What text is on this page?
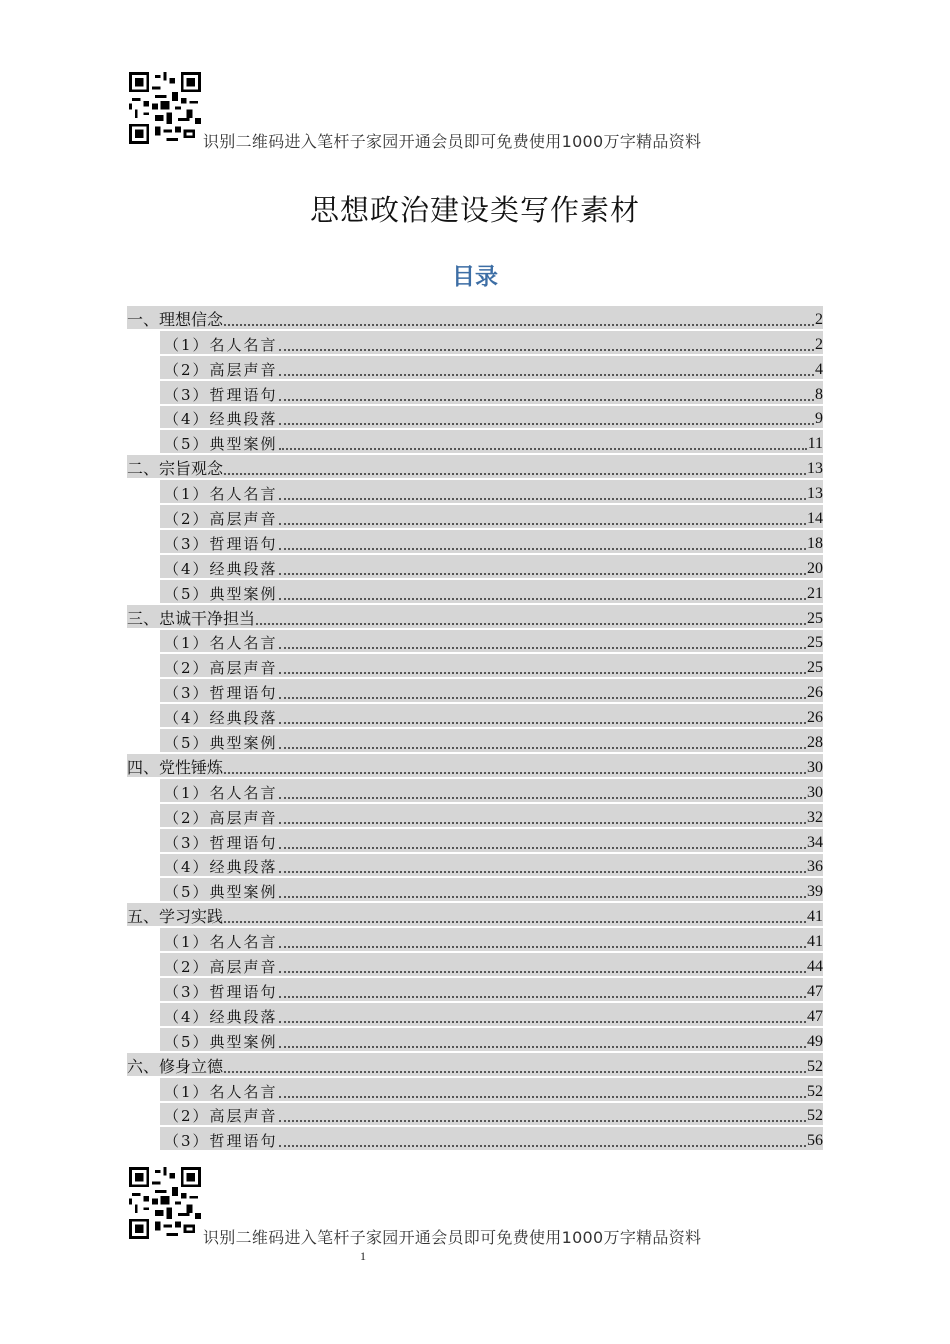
识别二维码进入笔杆子家园开通会员即可免费使用1000万字精品资料
思想政治建设类写作素材
目录
一、理想信念	2
（1）名人名言	2
（2）高层声音	4
（3）哲理语句	8
（4）经典段落	9
（5）典型案例	11
二、宗旨观念	13
（1）名人名言	13
（2）高层声音	14
（3）哲理语句	18
（4）经典段落	20
（5）典型案例	21
三、忠诚干净担当	25
（1）名人名言	25
（2）高层声音	25
（3）哲理语句	26
（4）经典段落	26
（5）典型案例	28
四、党性锤炼	30
（1）名人名言	30
（2）高层声音	32
（3）哲理语句	34
（4）经典段落	36
（5）典型案例	39
五、学习实践	41
（1）名人名言	41
（2）高层声音	44
（3）哲理语句	47
（4）经典段落	47
（5）典型案例	49
六、修身立德	52
（1）名人名言	52
（2）高层声音	52
（3）哲理语句	56
识别二维码进入笔杆子家园开通会员即可免费使用1000万字精品资料
1
